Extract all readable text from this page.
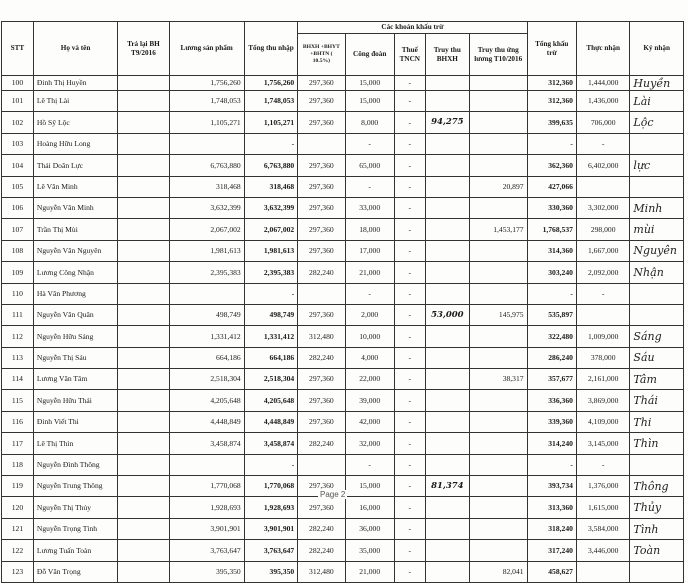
STT	Họ và tên	Trả lại BH T9/2016	Lương sản phẩm	Tổng thu nhập	Các khoản khấu trừ					Tổng khấu trừ	Thực nhận	Ký nhận
					BHXH +BHYT +BHTN ( 10.5%)	Công đoàn	Thuế TNCN	Truy thu BHXH	Truy thu ứng lương T10/2016			
100	Đinh Thị Huyền		1,756,260	1,756,260	297,360	15,000	-			312,360	1,444,000	Huyền
101	Lê Thị Lài		1,748,053	1,748,053	297,360	15,000	-			312,360	1,436,000	Lài
102	Hồ Sỹ Lộc		1,105,271	1,105,271	297,360	8,000	-	94,275		399,635	706,000	Lộc
103	Hoàng Hữu Long			-		-	-			-	-	
104	Thái Doãn Lực		6,763,880	6,763,880	297,360	65,000	-			362,360	6,402,000	lực
105	Lê Văn Minh		318,468	318,468	297,360	-	-		20,897	427,066		
106	Nguyễn Văn Minh		3,632,399	3,632,399	297,360	33,000	-			330,360	3,302,000	Minh
107	Trần Thị Mùi		2,067,002	2,067,002	297,360	18,000	-		1,453,177	1,768,537	298,000	mùi
108	Nguyễn Văn Nguyên		1,981,613	1,981,613	297,360	17,000	-			314,360	1,667,000	Nguyên
109	Lương Công Nhận		2,395,383	2,395,383	282,240	21,000	-			303,240	2,092,000	Nhận
110	Hà Văn Phương			-		-	-			-	-	
111	Nguyễn Văn Quân		498,749	498,749	297,360	2,000	-	53,000	145,975	535,897		
112	Nguyễn Hữu Sáng		1,331,412	1,331,412	312,480	10,000	-			322,480	1,009,000	Sáng
113	Nguyễn Thị Sáu		664,186	664,186	282,240	4,000	-			286,240	378,000	Sáu
114	Lương Văn Tâm		2,518,304	2,518,304	297,360	22,000	-		38,317	357,677	2,161,000	Tâm
115	Nguyễn Hữu Thái		4,205,648	4,205,648	297,360	39,000	-			336,360	3,869,000	Thái
116	Đinh Viết Thi		4,448,849	4,448,849	297,360	42,000	-			339,360	4,109,000	Thi
117	Lê Thị Thìn		3,458,874	3,458,874	282,240	32,000	-			314,240	3,145,000	Thìn
118	Nguyễn Đình Thông			-		-	-			-	-	
119	Nguyễn Trung Thông		1,770,068	1,770,068	297,360	15,000	-	81,374		393,734	1,376,000	Thông
120	Nguyễn Thị Thủy		1,928,693	1,928,693	297,360	16,000	-			313,360	1,615,000	Thủy
121	Nguyễn Trọng Tình		3,901,901	3,901,901	282,240	36,000	-			318,240	3,584,000	Tình
122	Lương Tuấn Toàn		3,763,647	3,763,647	282,240	35,000	-			317,240	3,446,000	Toàn
123	Đỗ Văn Trọng		395,350	395,350	312,480	21,000	-		82,041	458,627		
Page 2
